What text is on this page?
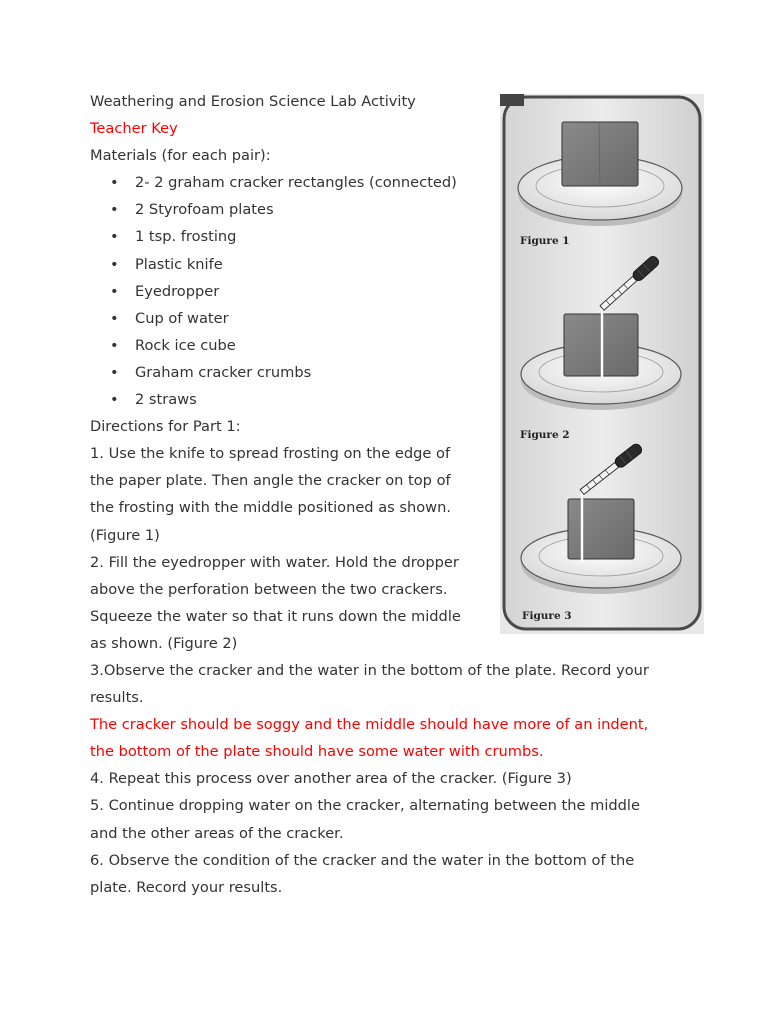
Weathering and Erosion Science Lab Activity
Teacher Key
Materials (for each pair):
• 2- 2 graham cracker rectangles (connected)
• 2 Styrofoam plates
• 1 tsp. frosting
• Plastic knife
• Eyedropper
• Cup of water
• Rock ice cube
• Graham cracker crumbs
• 2 straws
Directions for Part 1:
1. Use the knife to spread frosting on the edge of
the paper plate. Then angle the cracker on top of
the frosting with the middle positioned as shown.
(Figure 1)
2. Fill the eyedropper with water. Hold the dropper
above the perforation between the two crackers.
Squeeze the water so that it runs down the middle
as shown. (Figure 2)
3.Observe the cracker and the water in the bottom of the plate. Record your
results.
The cracker should be soggy and the middle should have more of an indent,
the bottom of the plate should have some water with crumbs.
4. Repeat this process over another area of the cracker. (Figure 3)
5. Continue dropping water on the cracker, alternating between the middle
and the other areas of the cracker.
6. Observe the condition of the cracker and the water in the bottom of the
plate. Record your results.
Figure 1
Figure 2
Figure 3
